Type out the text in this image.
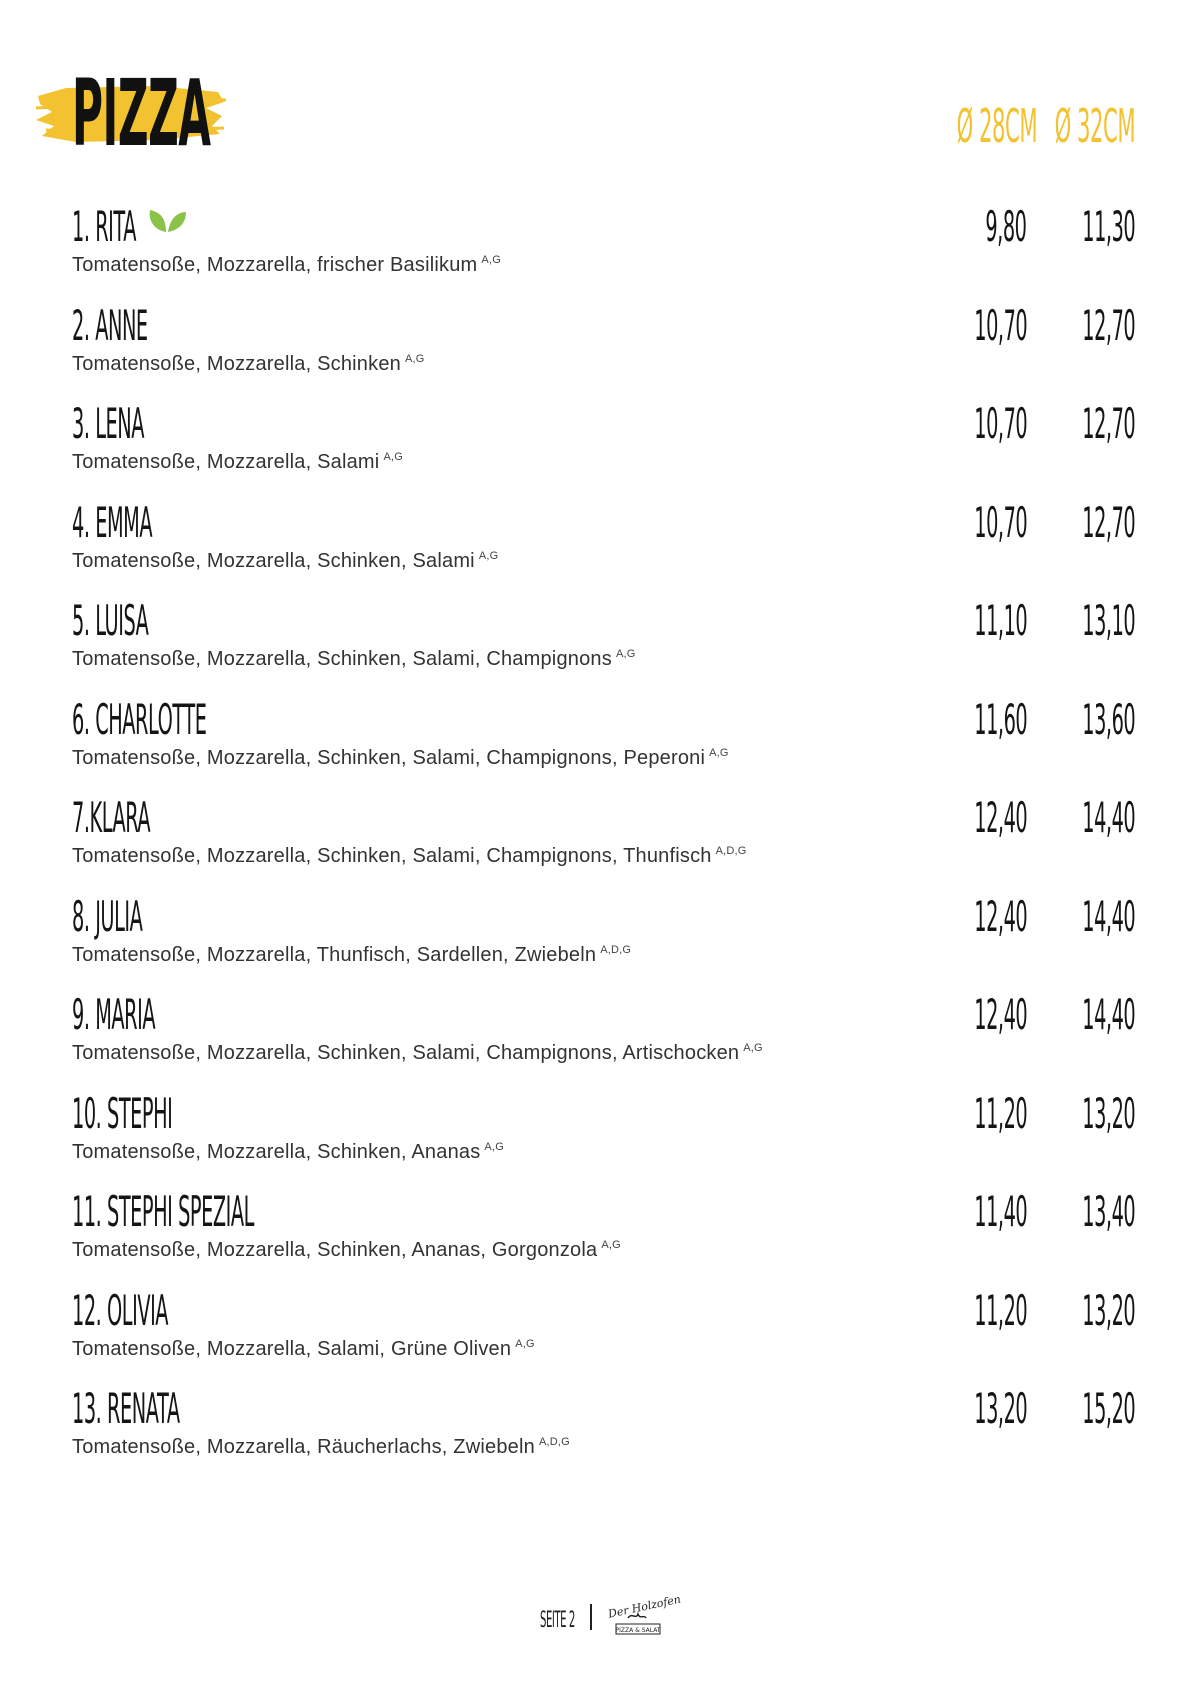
PIZZA	Ø 28CM Ø 32CM
1. RITA
Tomatensoße, Mozzarella, frischer Basilikum $^{A,G}$
9,80 11,30
2. ANNE
Tomatensoße, Mozzarella, Schinken $^{A,G}$
10,70 12,70
3. LENA
Tomatensoße, Mozzarella, Salami $^{A,G}$
10,70 12,70
4. EMMA
Tomatensoße, Mozzarella, Schinken, Salami $^{A,G}$
10,70 12,70
5. LUISA
Tomatensoße, Mozzarella, Schinken, Salami, Champignons $^{A,G}$
11,10 13,10
6. CHARLOTTE
Tomatensoße, Mozzarella, Schinken, Salami, Champignons, Peperoni $^{A,G}$
11,60 13,60
7.KLARA
Tomatensoße, Mozzarella, Schinken, Salami, Champignons, Thunfisch $^{A,D,G}$
12,40 14,40
8. JULIA
Tomatensoße, Mozzarella, Thunfisch, Sardellen, Zwiebeln $^{A,D,G}$
12,40 14,40
9. MARIA
Tomatensoße, Mozzarella, Schinken, Salami, Champignons, Artischocken $^{A,G}$
12,40 14,40
10. STEPHI
Tomatensoße, Mozzarella, Schinken, Ananas $^{A,G}$
11,20 13,20
11. STEPHI SPEZIAL
Tomatensoße, Mozzarella, Schinken, Ananas, Gorgonzola $^{A,G}$
11,40 13,40
12. OLIVIA
Tomatensoße, Mozzarella, Salami, Grüne Oliven $^{A,G}$
11,20 13,20
13. RENATA
Tomatensoße, Mozzarella, Räucherlachs, Zwiebeln $^{A,D,G}$
13,20 15,20
SEITE 2	Der Holzofen
PIZZA & SALAT
